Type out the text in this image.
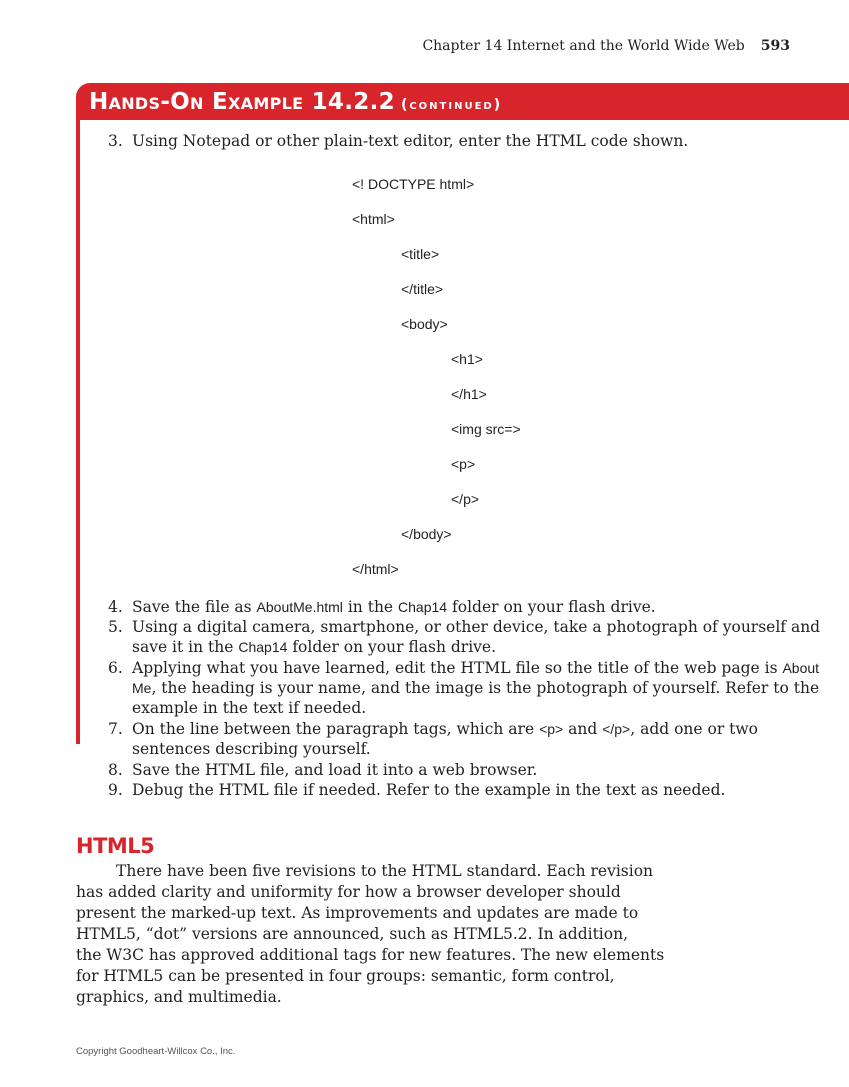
Chapter 14 Internet and the World Wide Web 593
Hands-On Example 14.2.2 (continued)
3. Using Notepad or other plain-text editor, enter the HTML code shown.
<! DOCTYPE html>
<html>
<title>
</title>
<body>
<h1>
</h1>
<img src=>
<p>
</p>
</body>
</html>
4. Save the file as AboutMe.html in the Chap14 folder on your flash drive.
5. Using a digital camera, smartphone, or other device, take a photograph of yourself and save it in the Chap14 folder on your flash drive.
6. Applying what you have learned, edit the HTML file so the title of the web page is About Me, the heading is your name, and the image is the photograph of yourself. Refer to the example in the text if needed.
7. On the line between the paragraph tags, which are <p> and </p>, add one or two sentences describing yourself.
8. Save the HTML file, and load it into a web browser.
9. Debug the HTML file if needed. Refer to the example in the text as needed.
HTML5
There have been five revisions to the HTML standard. Each revision
has added clarity and uniformity for how a browser developer should
present the marked-up text. As improvements and updates are made to
HTML5, “dot” versions are announced, such as HTML5.2. In addition,
the W3C has approved additional tags for new features. The new elements
for HTML5 can be presented in four groups: semantic, form control,
graphics, and multimedia.
Copyright Goodheart-Willcox Co., Inc.
